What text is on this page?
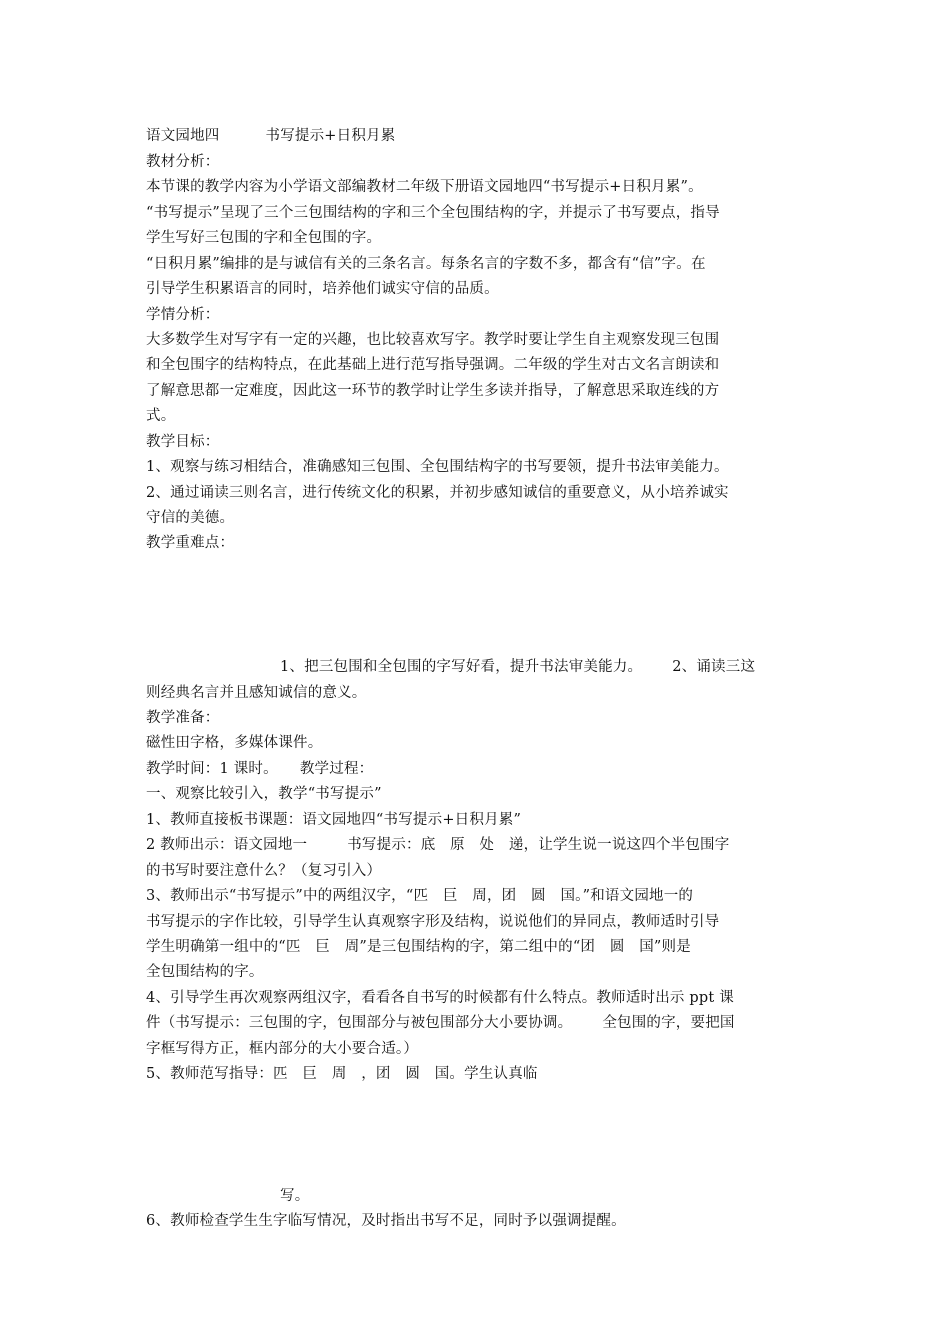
语文园地四	书写提示+日积月累
教材分析：
本节课的教学内容为小学语文部编教材二年级下册语文园地四“书写提示+日积月累”。
“书写提示”呈现了三个三包围结构的字和三个全包围结构的字，并提示了书写要点，指导
学生写好三包围的字和全包围的字。
“日积月累”编排的是与诚信有关的三条名言。每条名言的字数不多，都含有“信”字。在
引导学生积累语言的同时，培养他们诚实守信的品质。
学情分析：
大多数学生对写字有一定的兴趣，也比较喜欢写字。教学时要让学生自主观察发现三包围
和全包围字的结构特点，在此基础上进行范写指导强调。二年级的学生对古文名言朗读和
了解意思都一定难度，因此这一环节的教学时让学生多读并指导，了解意思采取连线的方
式。
教学目标：
1、观察与练习相结合，准确感知三包围、全包围结构字的书写要领，提升书法审美能力。
2、通过诵读三则名言，进行传统文化的积累，并初步感知诚信的重要意义，从小培养诚实
守信的美德。
教学重难点：
1、把三包围和全包围的字写好看，提升书法审美能力。 2、诵读三这
则经典名言并且感知诚信的意义。
教学准备：
磁性田字格，多媒体课件。
教学时间：1 课时。 教学过程：
一、观察比较引入，教学“书写提示”
1、教师直接板书课题：语文园地四“书写提示+日积月累”
2 教师出示：语文园地一	书写提示：底　原　处　递，让学生说一说这四个半包围字
的书写时要注意什么？（复习引入）
3、教师出示“书写提示”中的两组汉字，“匹　巨　周，团　圆　国。”和语文园地一的
书写提示的字作比较，引导学生认真观察字形及结构，说说他们的异同点，教师适时引导
学生明确第一组中的“匹　巨　周”是三包围结构的字，第二组中的“团　圆　国”则是
全包围结构的字。
4、引导学生再次观察两组汉字，看看各自书写的时候都有什么特点。教师适时出示 ppt 课
件（书写提示：三包围的字，包围部分与被包围部分大小要协调。 全包围的字，要把国
字框写得方正，框内部分的大小要合适。）
5、教师范写指导：匹　巨　周　，团　圆　国。学生认真临
写。
6、教师检查学生生字临写情况，及时指出书写不足，同时予以强调提醒。
